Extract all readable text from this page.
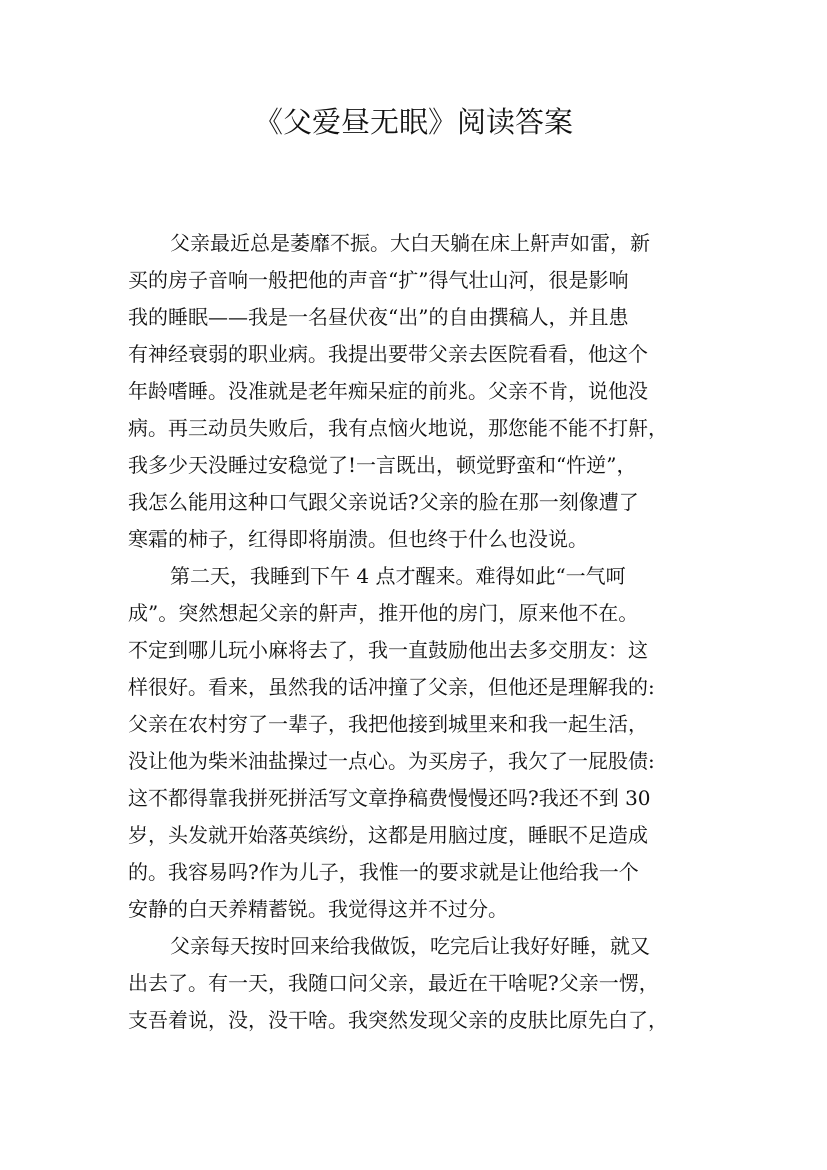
《父爱昼无眠》阅读答案

父亲最近总是萎靡不振。大白天躺在床上鼾声如雷，新

买的房子音响一般把他的声音“扩”得气壮山河，很是影响

我的睡眠——我是一名昼伏夜“出”的自由撰稿人，并且患

有神经衰弱的职业病。我提出要带父亲去医院看看，他这个

年龄嗜睡。没准就是老年痴呆症的前兆。父亲不肯，说他没

病。再三动员失败后，我有点恼火地说，那您能不能不打鼾，

我多少天没睡过安稳觉了!一言既出，顿觉野蛮和“忤逆”，

我怎么能用这种口气跟父亲说话?父亲的脸在那一刻像遭了

寒霜的柿子，红得即将崩溃。但也终于什么也没说。

第二天，我睡到下午 4 点才醒来。难得如此“一气呵

成”。突然想起父亲的鼾声，推开他的房门，原来他不在。

不定到哪儿玩小麻将去了，我一直鼓励他出去多交朋友：这

样很好。看来，虽然我的话冲撞了父亲，但他还是理解我的:

父亲在农村穷了一辈子，我把他接到城里来和我一起生活，

没让他为柴米油盐操过一点心。为买房子，我欠了一屁股债:

这不都得靠我拼死拼活写文章挣稿费慢慢还吗?我还不到 30

岁，头发就开始落英缤纷，这都是用脑过度，睡眠不足造成

的。我容易吗?作为儿子，我惟一的要求就是让他给我一个

安静的白天养精蓄锐。我觉得这并不过分。

父亲每天按时回来给我做饭，吃完后让我好好睡，就又

出去了。有一天，我随口问父亲，最近在干啥呢?父亲一愣，

支吾着说，没，没干啥。我突然发现父亲的皮肤比原先白了，
